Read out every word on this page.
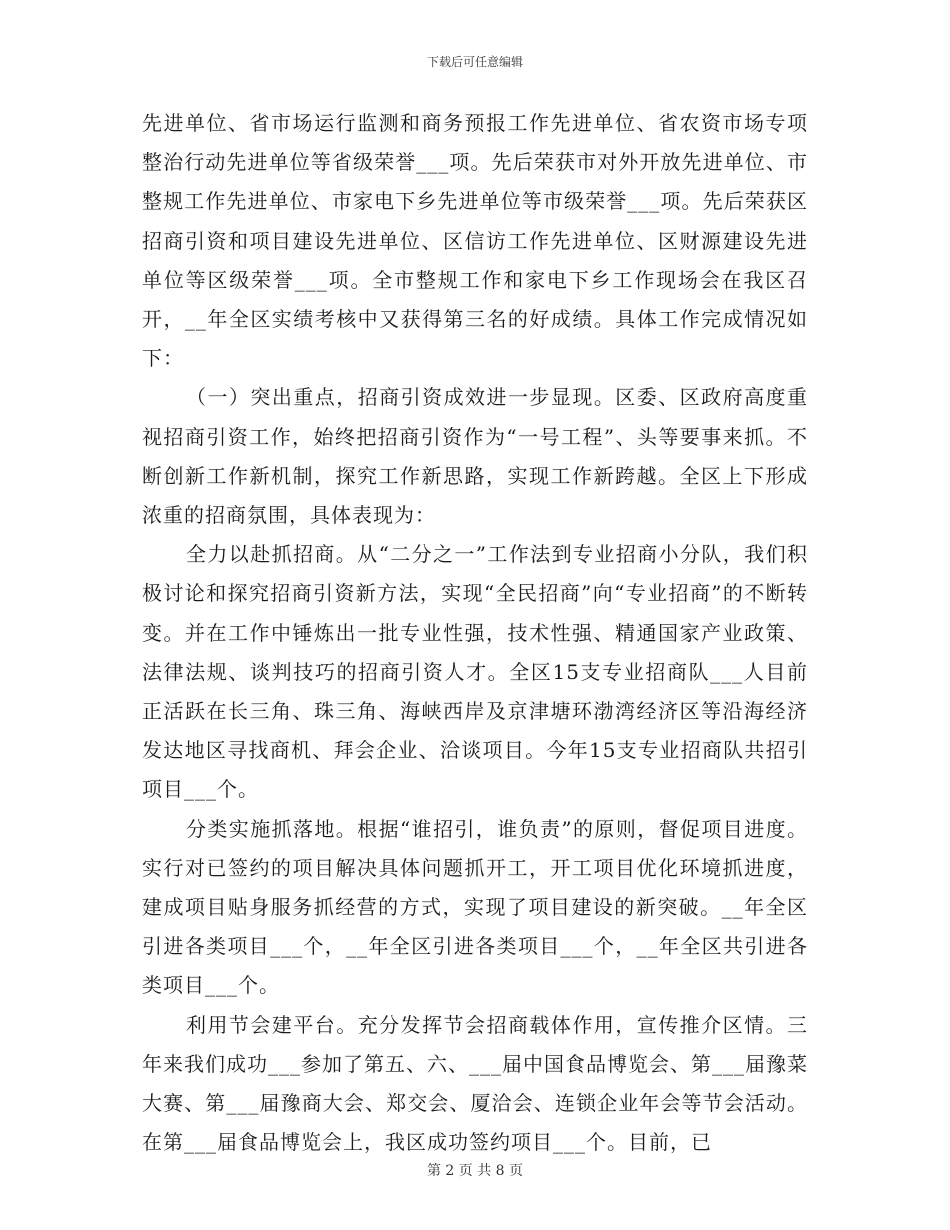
下载后可任意编辑

先进单位、省市场运行监测和商务预报工作先进单位、省农资市场专项整治行动先进单位等省级荣誉___项。先后荣获市对外开放先进单位、市整规工作先进单位、市家电下乡先进单位等市级荣誉___项。先后荣获区招商引资和项目建设先进单位、区信访工作先进单位、区财源建设先进单位等区级荣誉___项。全市整规工作和家电下乡工作现场会在我区召开，__年全区实绩考核中又获得第三名的好成绩。具体工作完成情况如下：

（一）突出重点，招商引资成效进一步显现。区委、区政府高度重视招商引资工作，始终把招商引资作为“一号工程”、头等要事来抓。不断创新工作新机制，探究工作新思路，实现工作新跨越。全区上下形成浓重的招商氛围，具体表现为：

全力以赴抓招商。从“二分之一”工作法到专业招商小分队，我们积极讨论和探究招商引资新方法，实现“全民招商”向“专业招商”的不断转变。并在工作中锤炼出一批专业性强，技术性强、精通国家产业政策、法律法规、谈判技巧的招商引资人才。全区15支专业招商队___人目前正活跃在长三角、珠三角、海峡西岸及京津塘环渤湾经济区等沿海经济发达地区寻找商机、拜会企业、洽谈项目。今年15支专业招商队共招引项目___个。

分类实施抓落地。根据“谁招引，谁负责”的原则，督促项目进度。实行对已签约的项目解决具体问题抓开工，开工项目优化环境抓进度，建成项目贴身服务抓经营的方式，实现了项目建设的新突破。__年全区引进各类项目___个，__年全区引进各类项目___个，__年全区共引进各类项目___个。

利用节会建平台。充分发挥节会招商载体作用，宣传推介区情。三年来我们成功___参加了第五、六、___届中国食品博览会、第___届豫菜大赛、第___届豫商大会、郑交会、厦洽会、连锁企业年会等节会活动。在第___届食品博览会上，我区成功签约项目___个。目前，已

第 2 页 共 8 页
